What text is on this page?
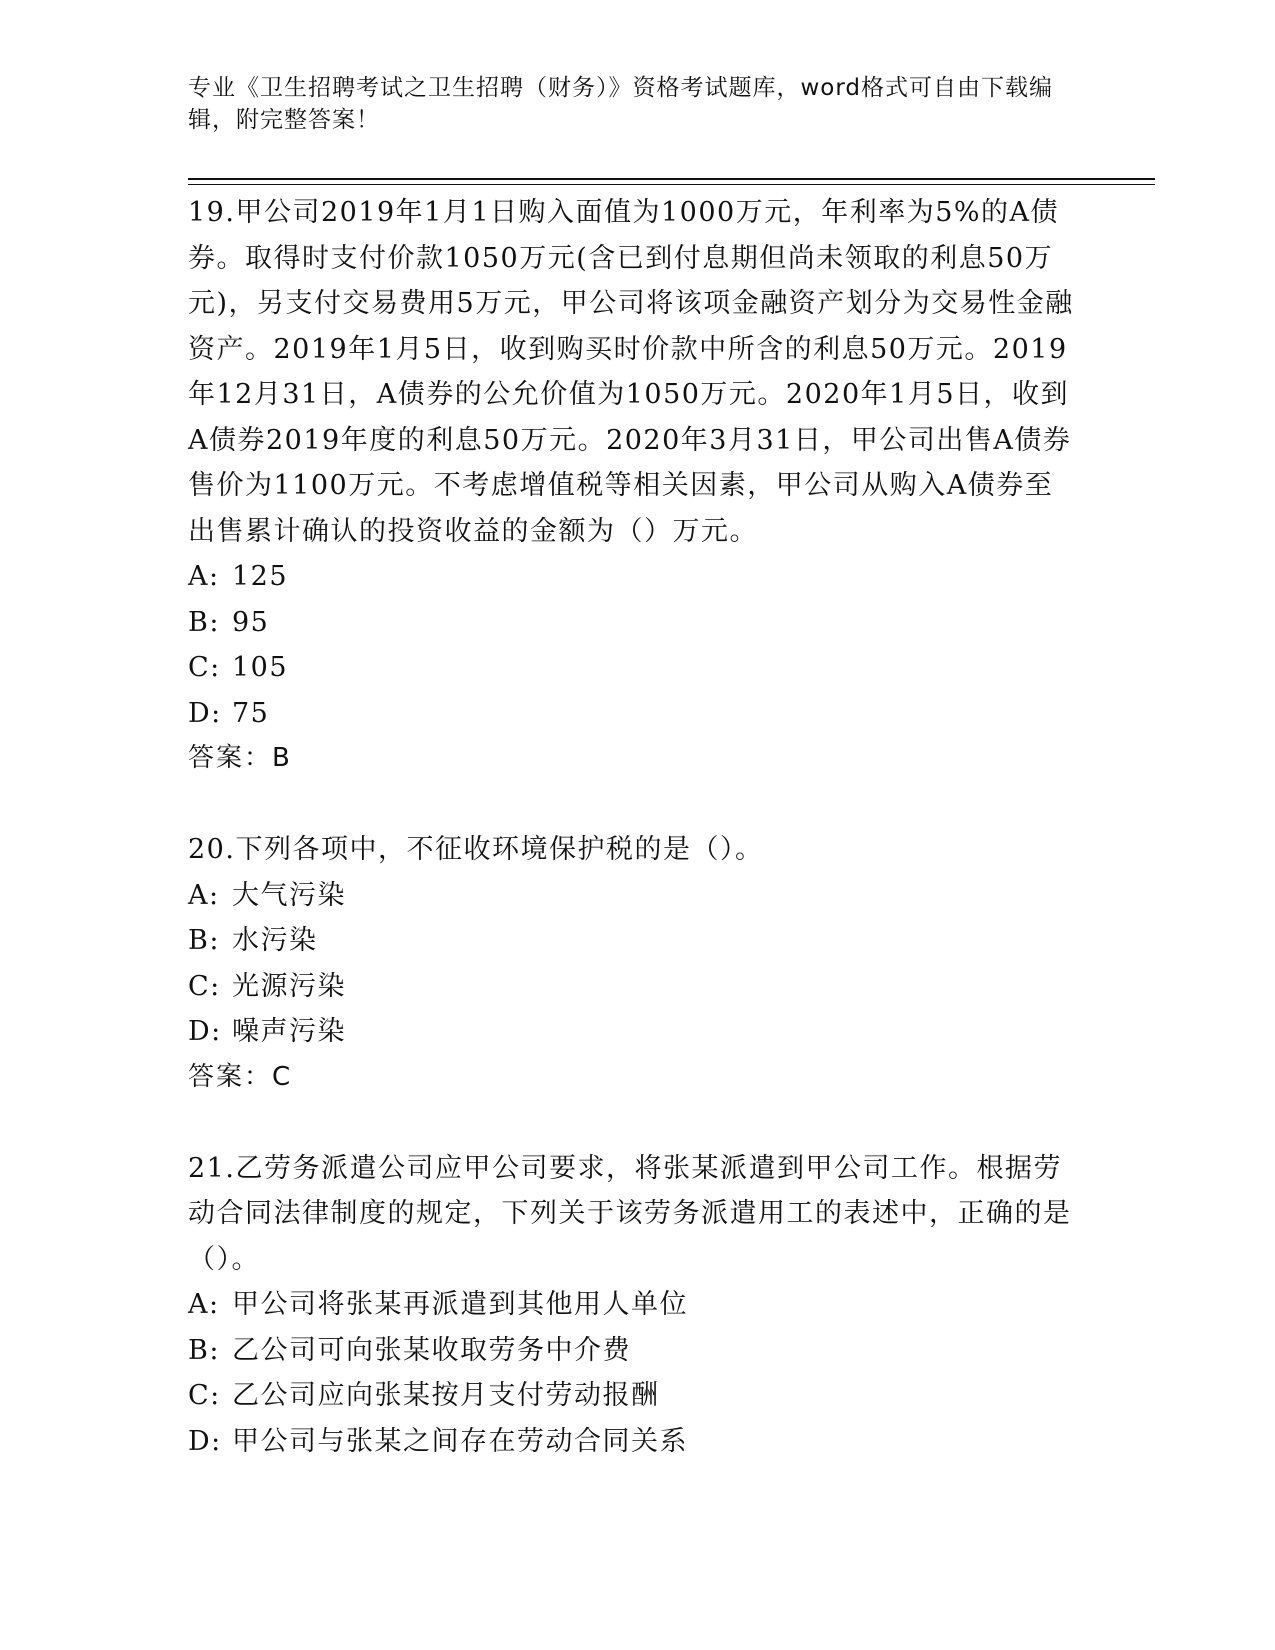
专业《卫生招聘考试之卫生招聘（财务）》资格考试题库，word格式可自由下载编辑，附完整答案！

19.甲公司2019年1月1日购入面值为1000万元，年利率为5%的A债券。取得时支付价款1050万元(含已到付息期但尚未领取的利息50万元)，另支付交易费用5万元，甲公司将该项金融资产划分为交易性金融资产。2019年1月5日，收到购买时价款中所含的利息50万元。2019年12月31日，A债券的公允价值为1050万元。2020年1月5日，收到A债券2019年度的利息50万元。2020年3月31日，甲公司出售A债券售价为1100万元。不考虑增值税等相关因素，甲公司从购入A债券至出售累计确认的投资收益的金额为（）万元。

A: 125
B: 95
C: 105
D: 75
答案：B

20.下列各项中，不征收环境保护税的是（）。

A: 大气污染
B: 水污染
C: 光源污染
D: 噪声污染
答案：C

21.乙劳务派遣公司应甲公司要求，将张某派遣到甲公司工作。根据劳动合同法律制度的规定，下列关于该劳务派遣用工的表述中，正确的是（）。

A: 甲公司将张某再派遣到其他用人单位
B: 乙公司可向张某收取劳务中介费
C: 乙公司应向张某按月支付劳动报酬
D: 甲公司与张某之间存在劳动合同关系
